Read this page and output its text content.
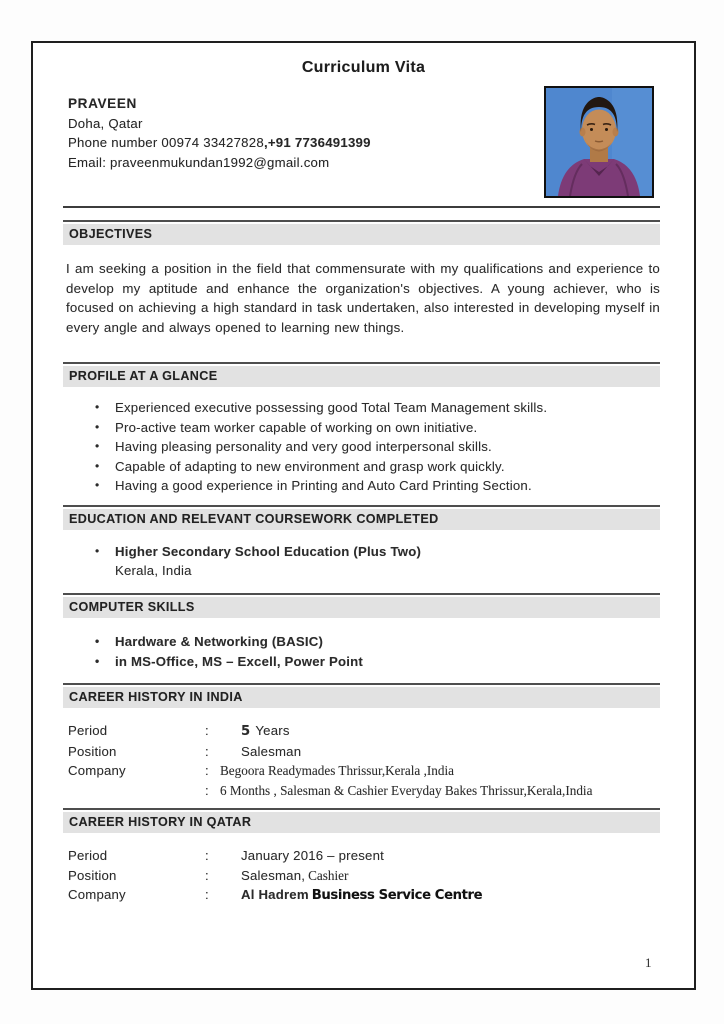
Curriculum Vita
PRAVEEN
Doha, Qatar
Phone number 00974 33427828,+91 7736491399
Email: praveenmukundan1992@gmail.com
OBJECTIVES
I am seeking a position in the field that commensurate with my qualifications and experience to develop my aptitude and enhance the organization's objectives. A young achiever, who is focused on achieving a high standard in task undertaken, also interested in developing myself in every angle and always opened to learning new things.
PROFILE AT A GLANCE
• Experienced executive possessing good Total Team Management skills.
• Pro-active team worker capable of working on own initiative.
• Having pleasing personality and very good interpersonal skills.
• Capable of adapting to new environment and grasp work quickly.
• Having a good experience in Printing and Auto Card Printing Section.
EDUCATION AND RELEVANT COURSEWORK COMPLETED
• Higher Secondary School Education (Plus Two)
Kerala, India
COMPUTER SKILLS
• Hardware & Networking (BASIC)
• in MS-Office, MS – Excell, Power Point
CAREER HISTORY IN INDIA
Period	:	5 Years
Position	:	Salesman
Company	: Begoora Readymades Thrissur,Kerala ,India
: 6 Months , Salesman & Cashier Everyday Bakes Thrissur,Kerala,India
CAREER HISTORY IN QATAR
Period	:	January 2016 – present
Position	:	Salesman, Cashier
Company	:	Al Hadrem Business Service Centre
1
